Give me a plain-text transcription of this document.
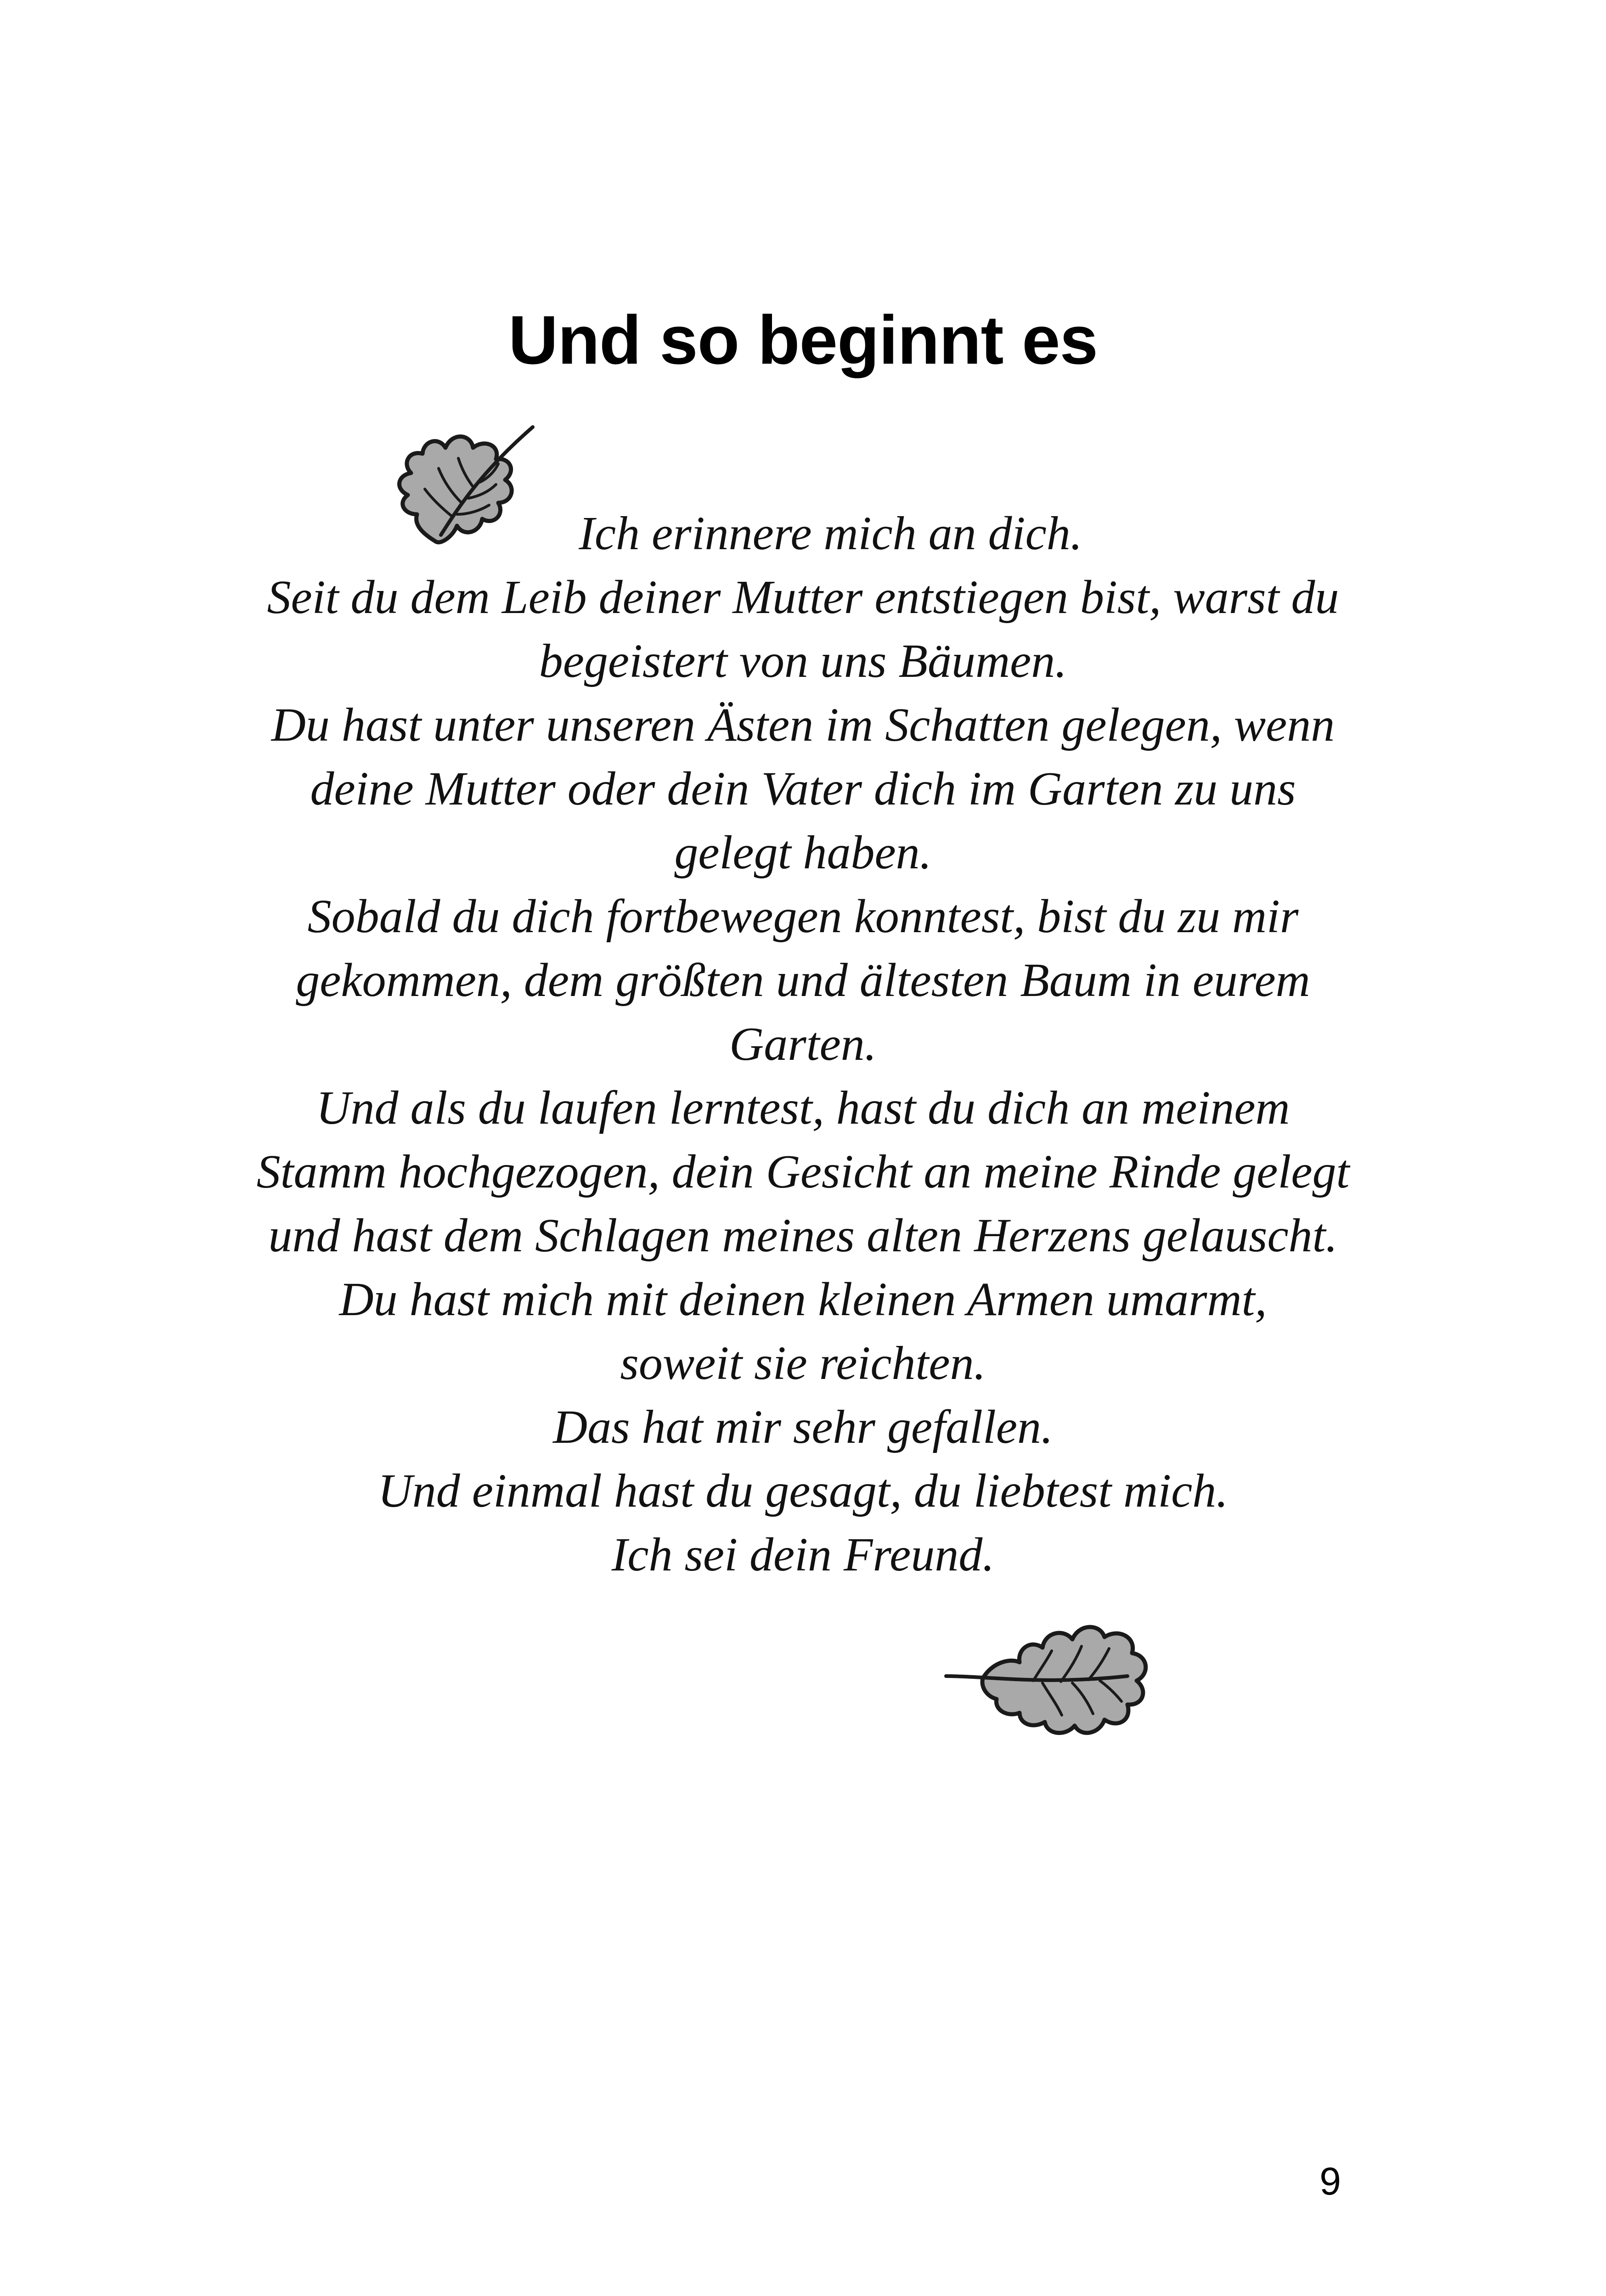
Und so beginnt es
Ich erinnere mich an dich.
Seit du dem Leib deiner Mutter entstiegen bist, warst du
begeistert von uns Bäumen.
Du hast unter unseren Ästen im Schatten gelegen, wenn
deine Mutter oder dein Vater dich im Garten zu uns
gelegt haben.
Sobald du dich fortbewegen konntest, bist du zu mir
gekommen, dem größten und ältesten Baum in eurem
Garten.
Und als du laufen lerntest, hast du dich an meinem
Stamm hochgezogen, dein Gesicht an meine Rinde gelegt
und hast dem Schlagen meines alten Herzens gelauscht.
Du hast mich mit deinen kleinen Armen umarmt,
soweit sie reichten.
Das hat mir sehr gefallen.
Und einmal hast du gesagt, du liebtest mich.
Ich sei dein Freund.
9
